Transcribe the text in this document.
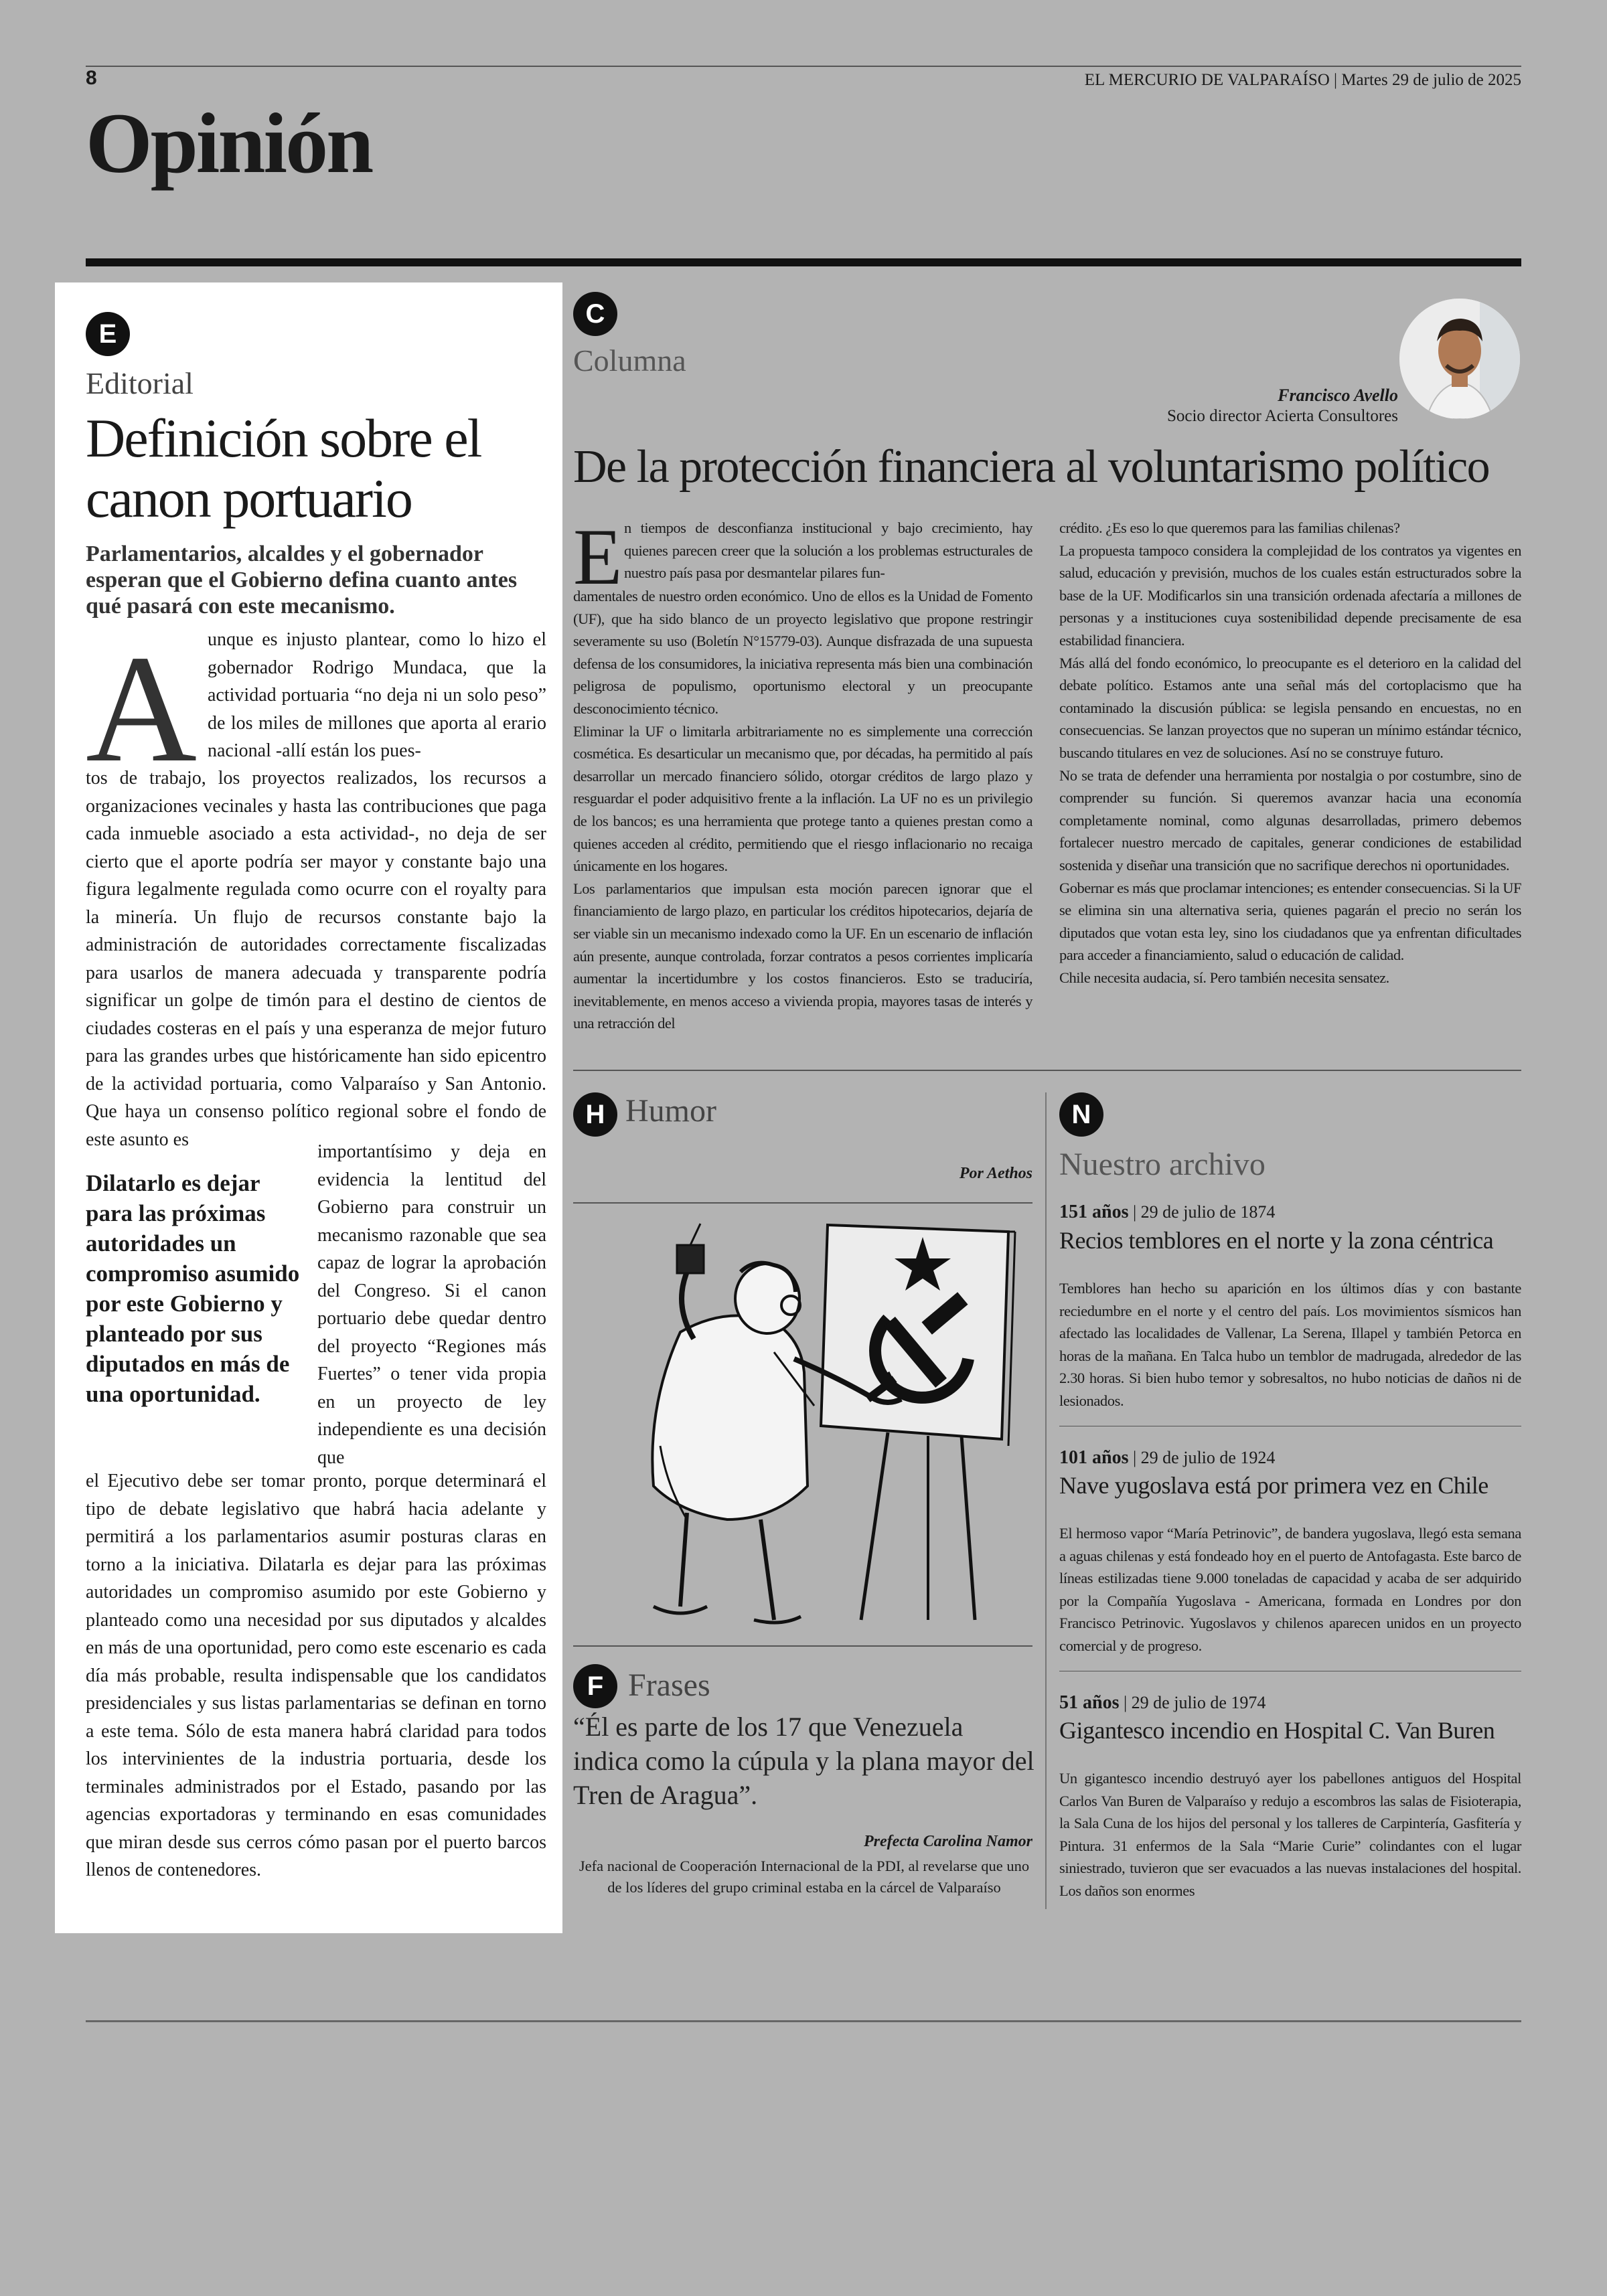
8	EL MERCURIO DE VALPARAÍSO | Martes 29 de julio de 2025
Opinión
E
Editorial
Definición sobre el canon portuario
Parlamentarios, alcaldes y el gobernador esperan que el Gobierno defina cuanto antes qué pasará con este mecanismo.
A unque es injusto plantear, como lo hizo el gobernador Rodrigo Mundaca, que la actividad portuaria “no deja ni un solo peso” de los miles de millones que aporta al erario nacional -allí están los pues-
tos de trabajo, los proyectos realizados, los recursos a organizaciones vecinales y hasta las contribuciones que paga cada inmueble asociado a esta actividad-, no deja de ser cierto que el aporte podría ser mayor y constante bajo una figura legalmente regulada como ocurre con el royalty para la minería. Un flujo de recursos constante bajo la administración de autoridades correctamente fiscalizadas para usarlos de manera adecuada y transparente podría significar un golpe de timón para el destino de cientos de ciudades costeras en el país y una esperanza de mejor futuro para las grandes urbes que históricamente han sido epicentro de la actividad portuaria, como Valparaíso y San Antonio. Que haya un consenso político regional sobre el fondo de este asunto es
Dilatarlo es dejar para las próximas autoridades un compromiso asumido por este Gobierno y planteado por sus diputados en más de una oportunidad.
importantísimo y deja en evidencia la lentitud del Gobierno para construir un mecanismo razonable que sea capaz de lograr la aprobación del Congreso. Si el canon portuario debe quedar dentro del proyecto “Regiones más Fuertes” o tener vida propia en un proyecto de ley independiente es una decisión que
el Ejecutivo debe ser tomar pronto, porque determinará el tipo de debate legislativo que habrá hacia adelante y permitirá a los parlamentarios asumir posturas claras en torno a la iniciativa. Dilatarla es dejar para las próximas autoridades un compromiso asumido por este Gobierno y planteado como una necesidad por sus diputados y alcaldes en más de una oportunidad, pero como este escenario es cada día más probable, resulta indispensable que los candidatos presidenciales y sus listas parlamentarias se definan en torno a este tema. Sólo de esta manera habrá claridad para todos los intervinientes de la industria portuaria, desde los terminales administrados por el Estado, pasando por las agencias exportadoras y terminando en esas comunidades que miran desde sus cerros cómo pasan por el puerto barcos llenos de contenedores.
C
Columna
Francisco Avello
Socio director Acierta Consultores
De la protección financiera al voluntarismo político
E n tiempos de desconfianza institucional y bajo crecimiento, hay quienes parecen creer que la solución a los problemas estructurales de nuestro país pasa por desmantelar pilares fun-
damentales de nuestro orden económico. Uno de ellos es la Unidad de Fomento (UF), que ha sido blanco de un proyecto legislativo que propone restringir severamente su uso (Boletín N°15779-03). Aunque disfrazada de una supuesta defensa de los consumidores, la iniciativa representa más bien una combinación peligrosa de populismo, oportunismo electoral y un preocupante desconocimiento técnico.
Eliminar la UF o limitarla arbitrariamente no es simplemente una corrección cosmética. Es desarticular un mecanismo que, por décadas, ha permitido al país desarrollar un mercado financiero sólido, otorgar créditos de largo plazo y resguardar el poder adquisitivo frente a la inflación. La UF no es un privilegio de los bancos; es una herramienta que protege tanto a quienes prestan como a quienes acceden al crédito, permitiendo que el riesgo inflacionario no recaiga únicamente en los hogares.
Los parlamentarios que impulsan esta moción parecen ignorar que el financiamiento de largo plazo, en particular los créditos hipotecarios, dejaría de ser viable sin un mecanismo indexado como la UF. En un escenario de inflación aún presente, aunque controlada, forzar contratos a pesos corrientes implicaría aumentar la incertidumbre y los costos financieros. Esto se traduciría, inevitablemente, en menos acceso a vivienda propia, mayores tasas de interés y una retracción del
crédito. ¿Es eso lo que queremos para las familias chilenas?
La propuesta tampoco considera la complejidad de los contratos ya vigentes en salud, educación y previsión, muchos de los cuales están estructurados sobre la base de la UF. Modificarlos sin una transición ordenada afectaría a millones de personas y a instituciones cuya sostenibilidad depende precisamente de esa estabilidad financiera.
Más allá del fondo económico, lo preocupante es el deterioro en la calidad del debate político. Estamos ante una señal más del cortoplacismo que ha contaminado la discusión pública: se legisla pensando en encuestas, no en consecuencias. Se lanzan proyectos que no superan un mínimo estándar técnico, buscando titulares en vez de soluciones. Así no se construye futuro.
No se trata de defender una herramienta por nostalgia o por costumbre, sino de comprender su función. Si queremos avanzar hacia una economía completamente nominal, como algunas desarrolladas, primero debemos fortalecer nuestro mercado de capitales, generar condiciones de estabilidad sostenida y diseñar una transición que no sacrifique derechos ni oportunidades.
Gobernar es más que proclamar intenciones; es entender consecuencias. Si la UF se elimina sin una alternativa seria, quienes pagarán el precio no serán los diputados que votan esta ley, sino los ciudadanos que ya enfrentan dificultades para acceder a financiamiento, salud o educación de calidad.
Chile necesita audacia, sí. Pero también necesita sensatez.
H Humor
Por Aethos
F Frases
“Él es parte de los 17 que Venezuela indica como la cúpula y la plana mayor del Tren de Aragua”.
Prefecta Carolina Namor
Jefa nacional de Cooperación Internacional de la PDI, al revelarse que uno de los líderes del grupo criminal estaba en la cárcel de Valparaíso
N
Nuestro archivo
151 años | 29 de julio de 1874
Recios temblores en el norte y la zona céntrica
Temblores han hecho su aparición en los últimos días y con bastante reciedumbre en el norte y el centro del país. Los movimientos sísmicos han afectado las localidades de Vallenar, La Serena, Illapel y también Petorca en horas de la mañana. En Talca hubo un temblor de madrugada, alrededor de las 2.30 horas. Si bien hubo temor y sobresaltos, no hubo noticias de daños ni de lesionados.
101 años | 29 de julio de 1924
Nave yugoslava está por primera vez en Chile
El hermoso vapor “María Petrinovic”, de bandera yugoslava, llegó esta semana a aguas chilenas y está fondeado hoy en el puerto de Antofagasta. Este barco de líneas estilizadas tiene 9.000 toneladas de capacidad y acaba de ser adquirido por la Compañía Yugoslava - Americana, formada en Londres por don Francisco Petrinovic. Yugoslavos y chilenos aparecen unidos en un proyecto comercial y de progreso.
51 años | 29 de julio de 1974
Gigantesco incendio en Hospital C. Van Buren
Un gigantesco incendio destruyó ayer los pabellones antiguos del Hospital Carlos Van Buren de Valparaíso y redujo a escombros las salas de Fisioterapia, la Sala Cuna de los hijos del personal y los talleres de Carpintería, Gasfitería y Pintura. 31 enfermos de la Sala “Marie Curie” colindantes con el lugar siniestrado, tuvieron que ser evacuados a las nuevas instalaciones del hospital. Los daños son enormes
